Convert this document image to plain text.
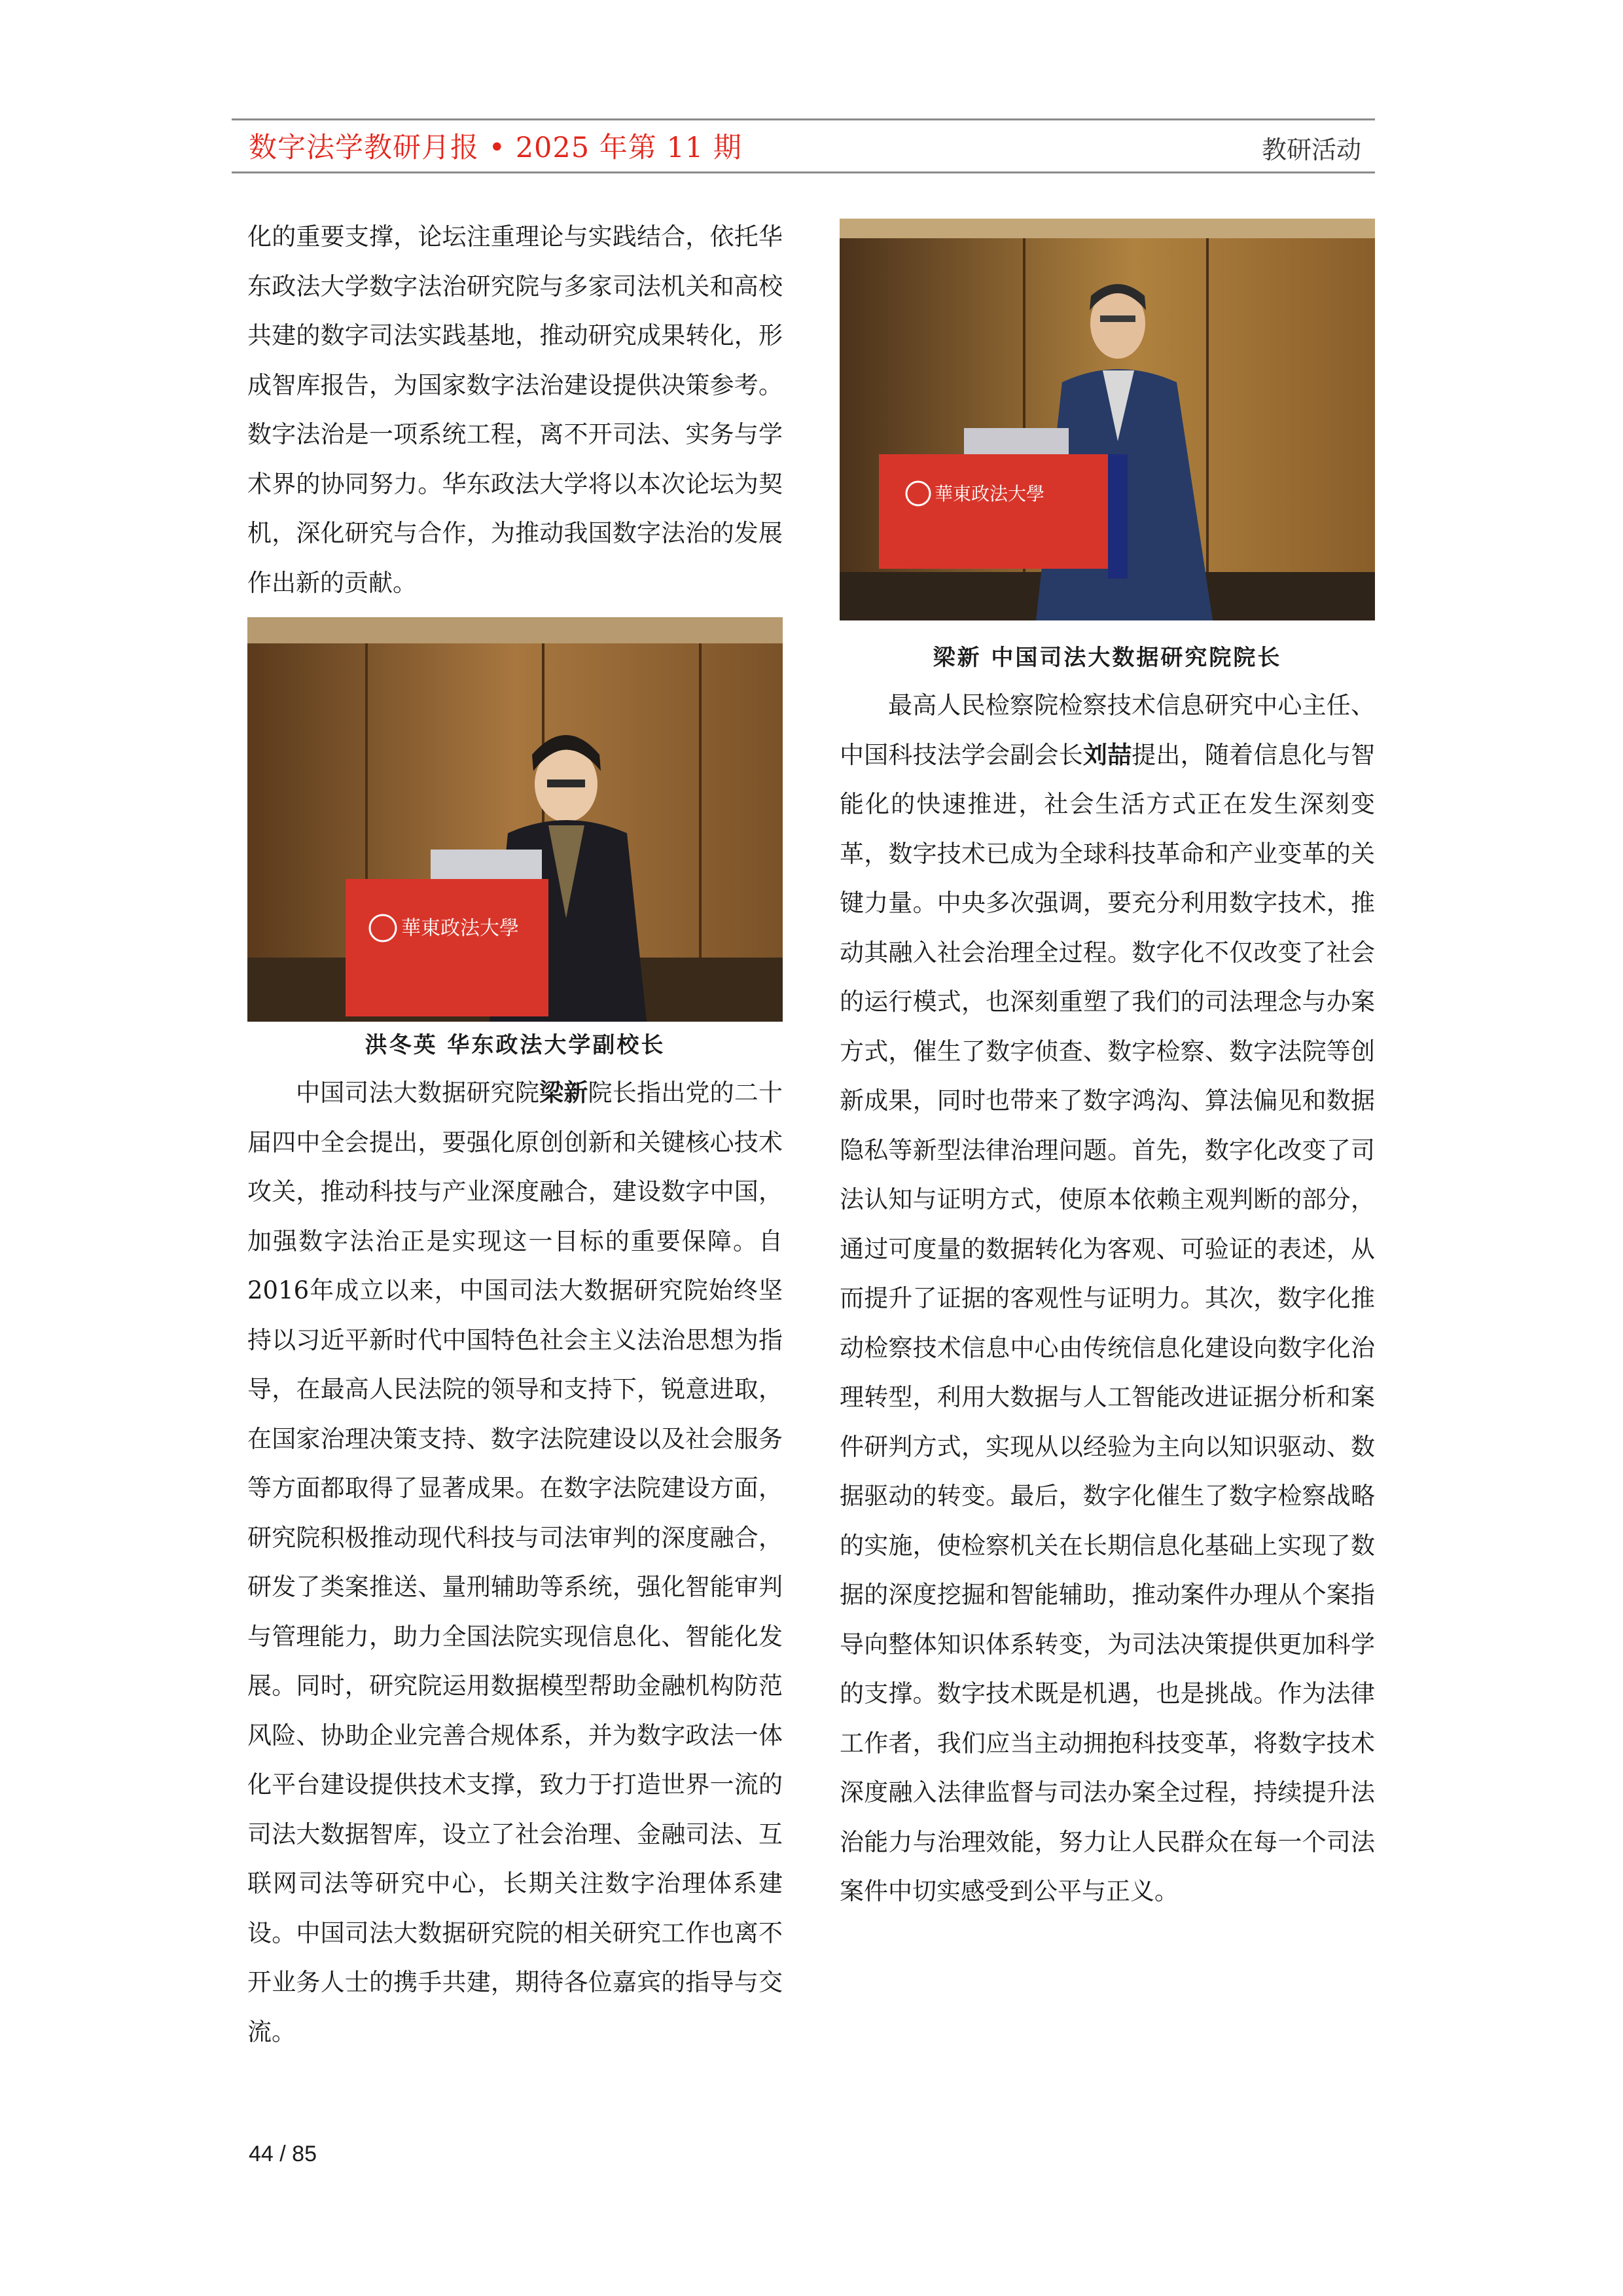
数字法学教研月报 • 2025 年第 11 期	教研活动

化的重要支撑，论坛注重理论与实践结合，依托华东政法大学数字法治研究院与多家司法机关和高校共建的数字司法实践基地，推动研究成果转化，形成智库报告，为国家数字法治建设提供决策参考。数字法治是一项系统工程，离不开司法、实务与学术界的协同努力。华东政法大学将以本次论坛为契机，深化研究与合作，为推动我国数字法治的发展作出新的贡献。

華東政法大學
洪冬英 华东政法大学副校长

中国司法大数据研究院梁新院长指出党的二十届四中全会提出，要强化原创创新和关键核心技术攻关，推动科技与产业深度融合，建设数字中国，加强数字法治正是实现这一目标的重要保障。自2016年成立以来，中国司法大数据研究院始终坚持以习近平新时代中国特色社会主义法治思想为指导，在最高人民法院的领导和支持下，锐意进取，在国家治理决策支持、数字法院建设以及社会服务等方面都取得了显著成果。在数字法院建设方面，研究院积极推动现代科技与司法审判的深度融合，研发了类案推送、量刑辅助等系统，强化智能审判与管理能力，助力全国法院实现信息化、智能化发展。同时，研究院运用数据模型帮助金融机构防范风险、协助企业完善合规体系，并为数字政法一体化平台建设提供技术支撑，致力于打造世界一流的司法大数据智库，设立了社会治理、金融司法、互联网司法等研究中心，长期关注数字治理体系建设。中国司法大数据研究院的相关研究工作也离不开业务人士的携手共建，期待各位嘉宾的指导与交流。

華東政法大學
梁新 中国司法大数据研究院院长

最高人民检察院检察技术信息研究中心主任、中国科技法学会副会长刘喆提出，随着信息化与智能化的快速推进，社会生活方式正在发生深刻变革，数字技术已成为全球科技革命和产业变革的关键力量。中央多次强调，要充分利用数字技术，推动其融入社会治理全过程。数字化不仅改变了社会的运行模式，也深刻重塑了我们的司法理念与办案方式，催生了数字侦查、数字检察、数字法院等创新成果，同时也带来了数字鸿沟、算法偏见和数据隐私等新型法律治理问题。首先，数字化改变了司法认知与证明方式，使原本依赖主观判断的部分，通过可度量的数据转化为客观、可验证的表述，从而提升了证据的客观性与证明力。其次，数字化推动检察技术信息中心由传统信息化建设向数字化治理转型，利用大数据与人工智能改进证据分析和案件研判方式，实现从以经验为主向以知识驱动、数据驱动的转变。最后，数字化催生了数字检察战略的实施，使检察机关在长期信息化基础上实现了数据的深度挖掘和智能辅助，推动案件办理从个案指导向整体知识体系转变，为司法决策提供更加科学的支撑。数字技术既是机遇，也是挑战。作为法律工作者，我们应当主动拥抱科技变革，将数字技术深度融入法律监督与司法办案全过程，持续提升法治能力与治理效能，努力让人民群众在每一个司法案件中切实感受到公平与正义。

44 / 85
